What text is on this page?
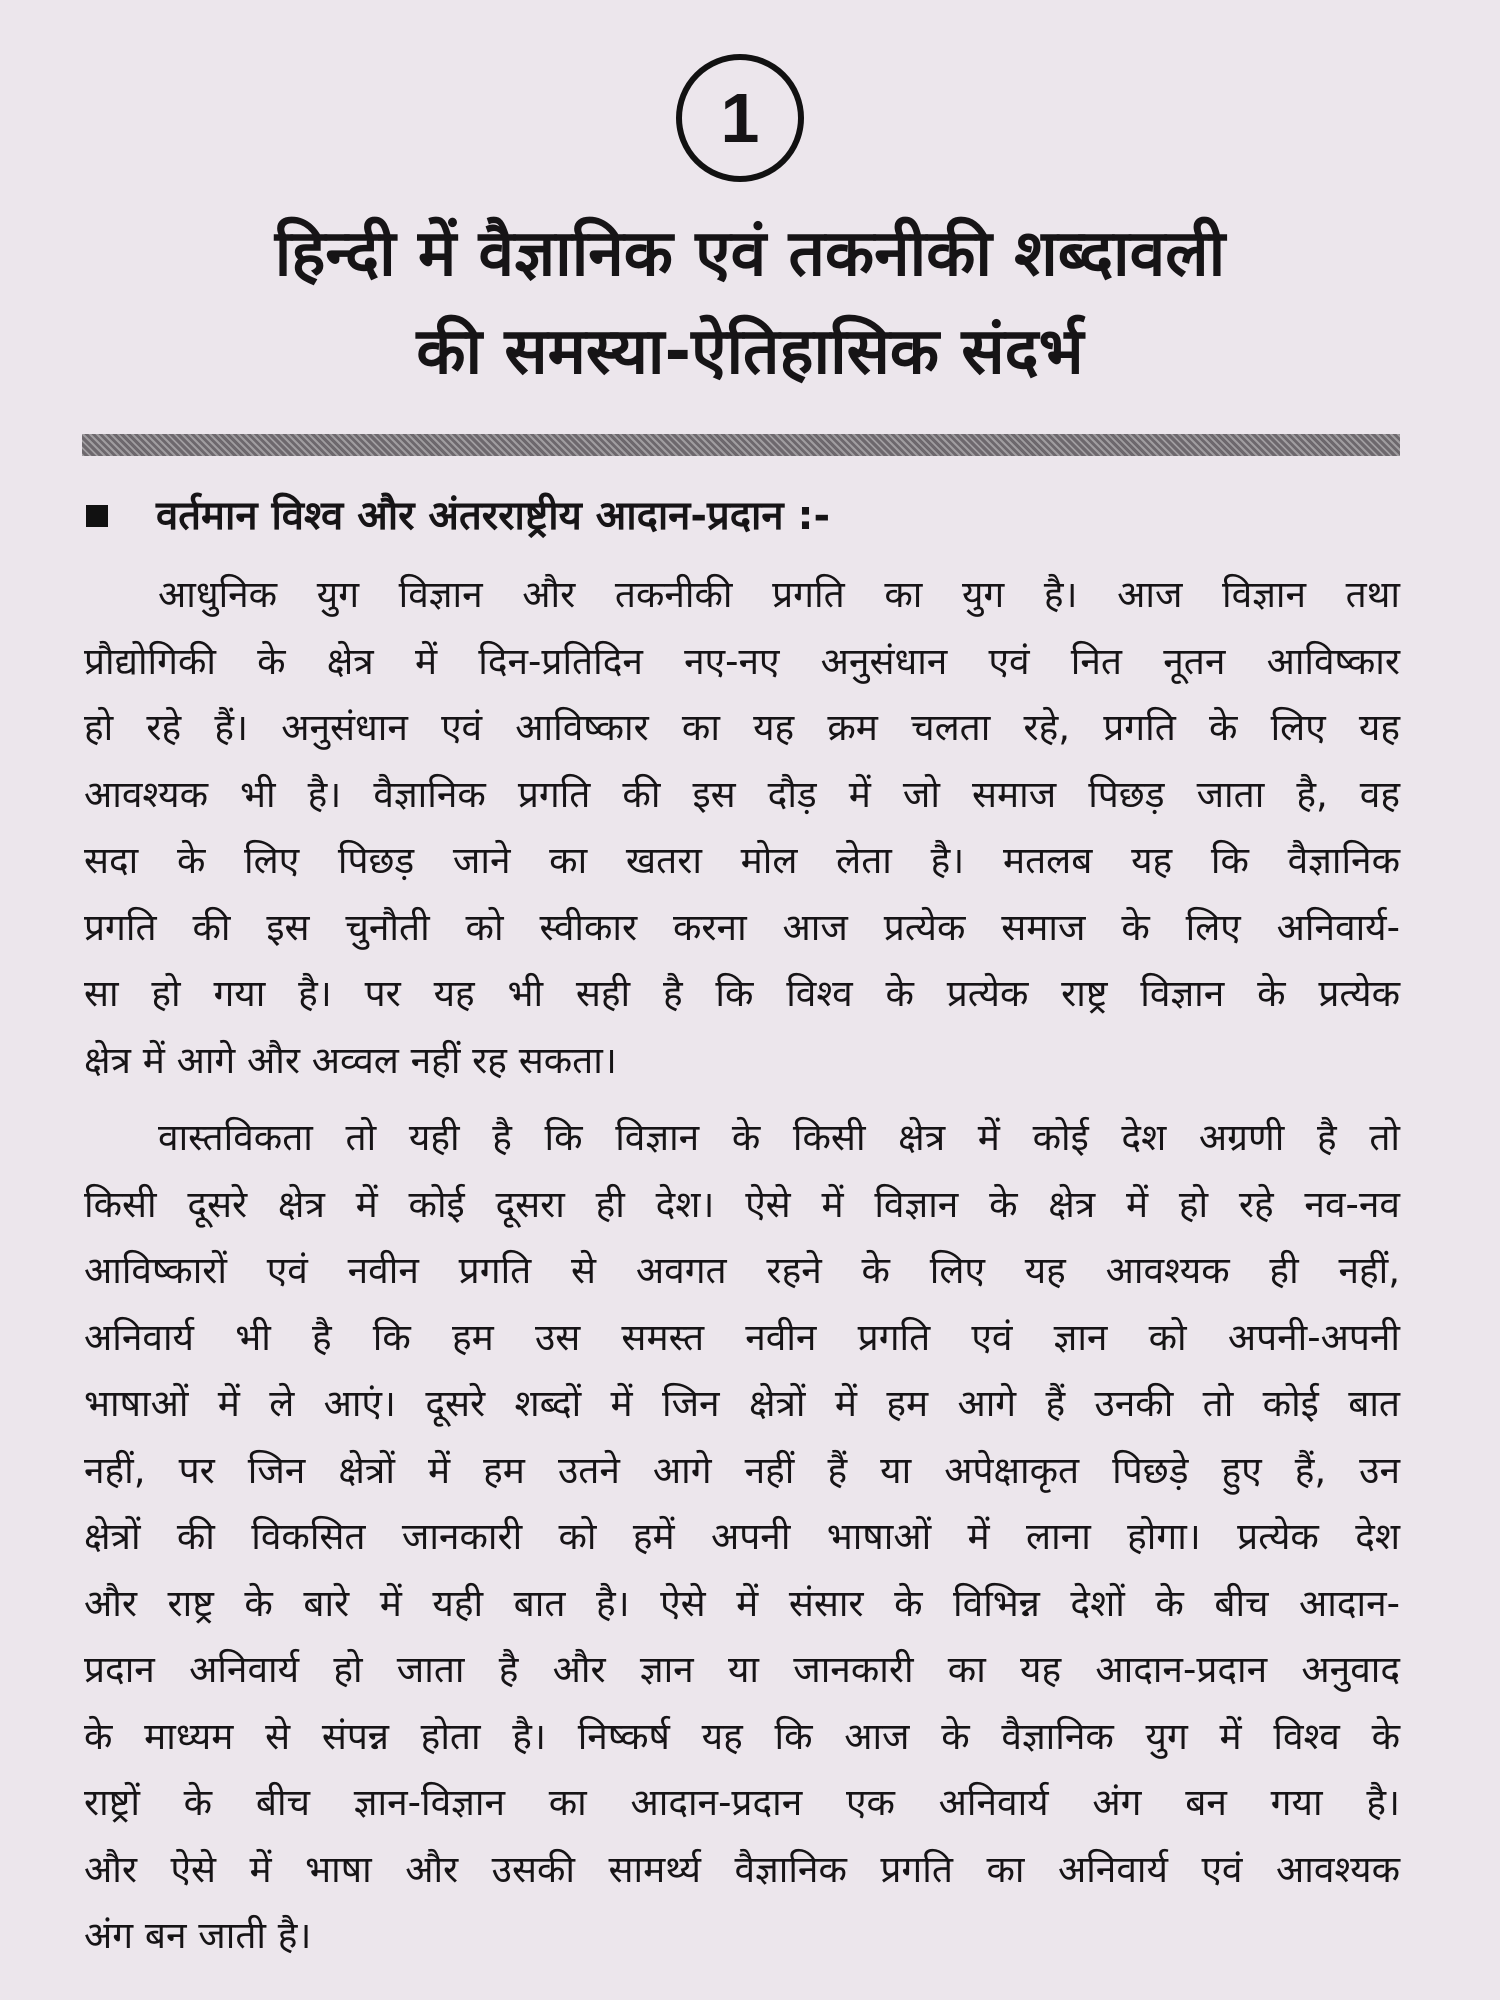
1
हिन्दी में वैज्ञानिक एवं तकनीकी शब्दावली
की समस्या-ऐतिहासिक संदर्भ
वर्तमान विश्व और अंतरराष्ट्रीय आदान-प्रदान :-
आधुनिक युग विज्ञान और तकनीकी प्रगति का युग है। आज विज्ञान तथा
प्रौद्योगिकी के क्षेत्र में दिन-प्रतिदिन नए-नए अनुसंधान एवं नित नूतन आविष्कार
हो रहे हैं। अनुसंधान एवं आविष्कार का यह क्रम चलता रहे, प्रगति के लिए यह
आवश्यक भी है। वैज्ञानिक प्रगति की इस दौड़ में जो समाज पिछड़ जाता है, वह
सदा के लिए पिछड़ जाने का खतरा मोल लेता है। मतलब यह कि वैज्ञानिक
प्रगति की इस चुनौती को स्वीकार करना आज प्रत्येक समाज के लिए अनिवार्य-
सा हो गया है। पर यह भी सही है कि विश्व के प्रत्येक राष्ट्र विज्ञान के प्रत्येक
क्षेत्र में आगे और अव्वल नहीं रह सकता।
वास्तविकता तो यही है कि विज्ञान के किसी क्षेत्र में कोई देश अग्रणी है तो
किसी दूसरे क्षेत्र में कोई दूसरा ही देश। ऐसे में विज्ञान के क्षेत्र में हो रहे नव-नव
आविष्कारों एवं नवीन प्रगति से अवगत रहने के लिए यह आवश्यक ही नहीं,
अनिवार्य भी है कि हम उस समस्त नवीन प्रगति एवं ज्ञान को अपनी-अपनी
भाषाओं में ले आएं। दूसरे शब्दों में जिन क्षेत्रों में हम आगे हैं उनकी तो कोई बात
नहीं, पर जिन क्षेत्रों में हम उतने आगे नहीं हैं या अपेक्षाकृत पिछड़े हुए हैं, उन
क्षेत्रों की विकसित जानकारी को हमें अपनी भाषाओं में लाना होगा। प्रत्येक देश
और राष्ट्र के बारे में यही बात है। ऐसे में संसार के विभिन्न देशों के बीच आदान-
प्रदान अनिवार्य हो जाता है और ज्ञान या जानकारी का यह आदान-प्रदान अनुवाद
के माध्यम से संपन्न होता है। निष्कर्ष यह कि आज के वैज्ञानिक युग में विश्व के
राष्ट्रों के बीच ज्ञान-विज्ञान का आदान-प्रदान एक अनिवार्य अंग बन गया है।
और ऐसे में भाषा और उसकी सामर्थ्य वैज्ञानिक प्रगति का अनिवार्य एवं आवश्यक
अंग बन जाती है।
